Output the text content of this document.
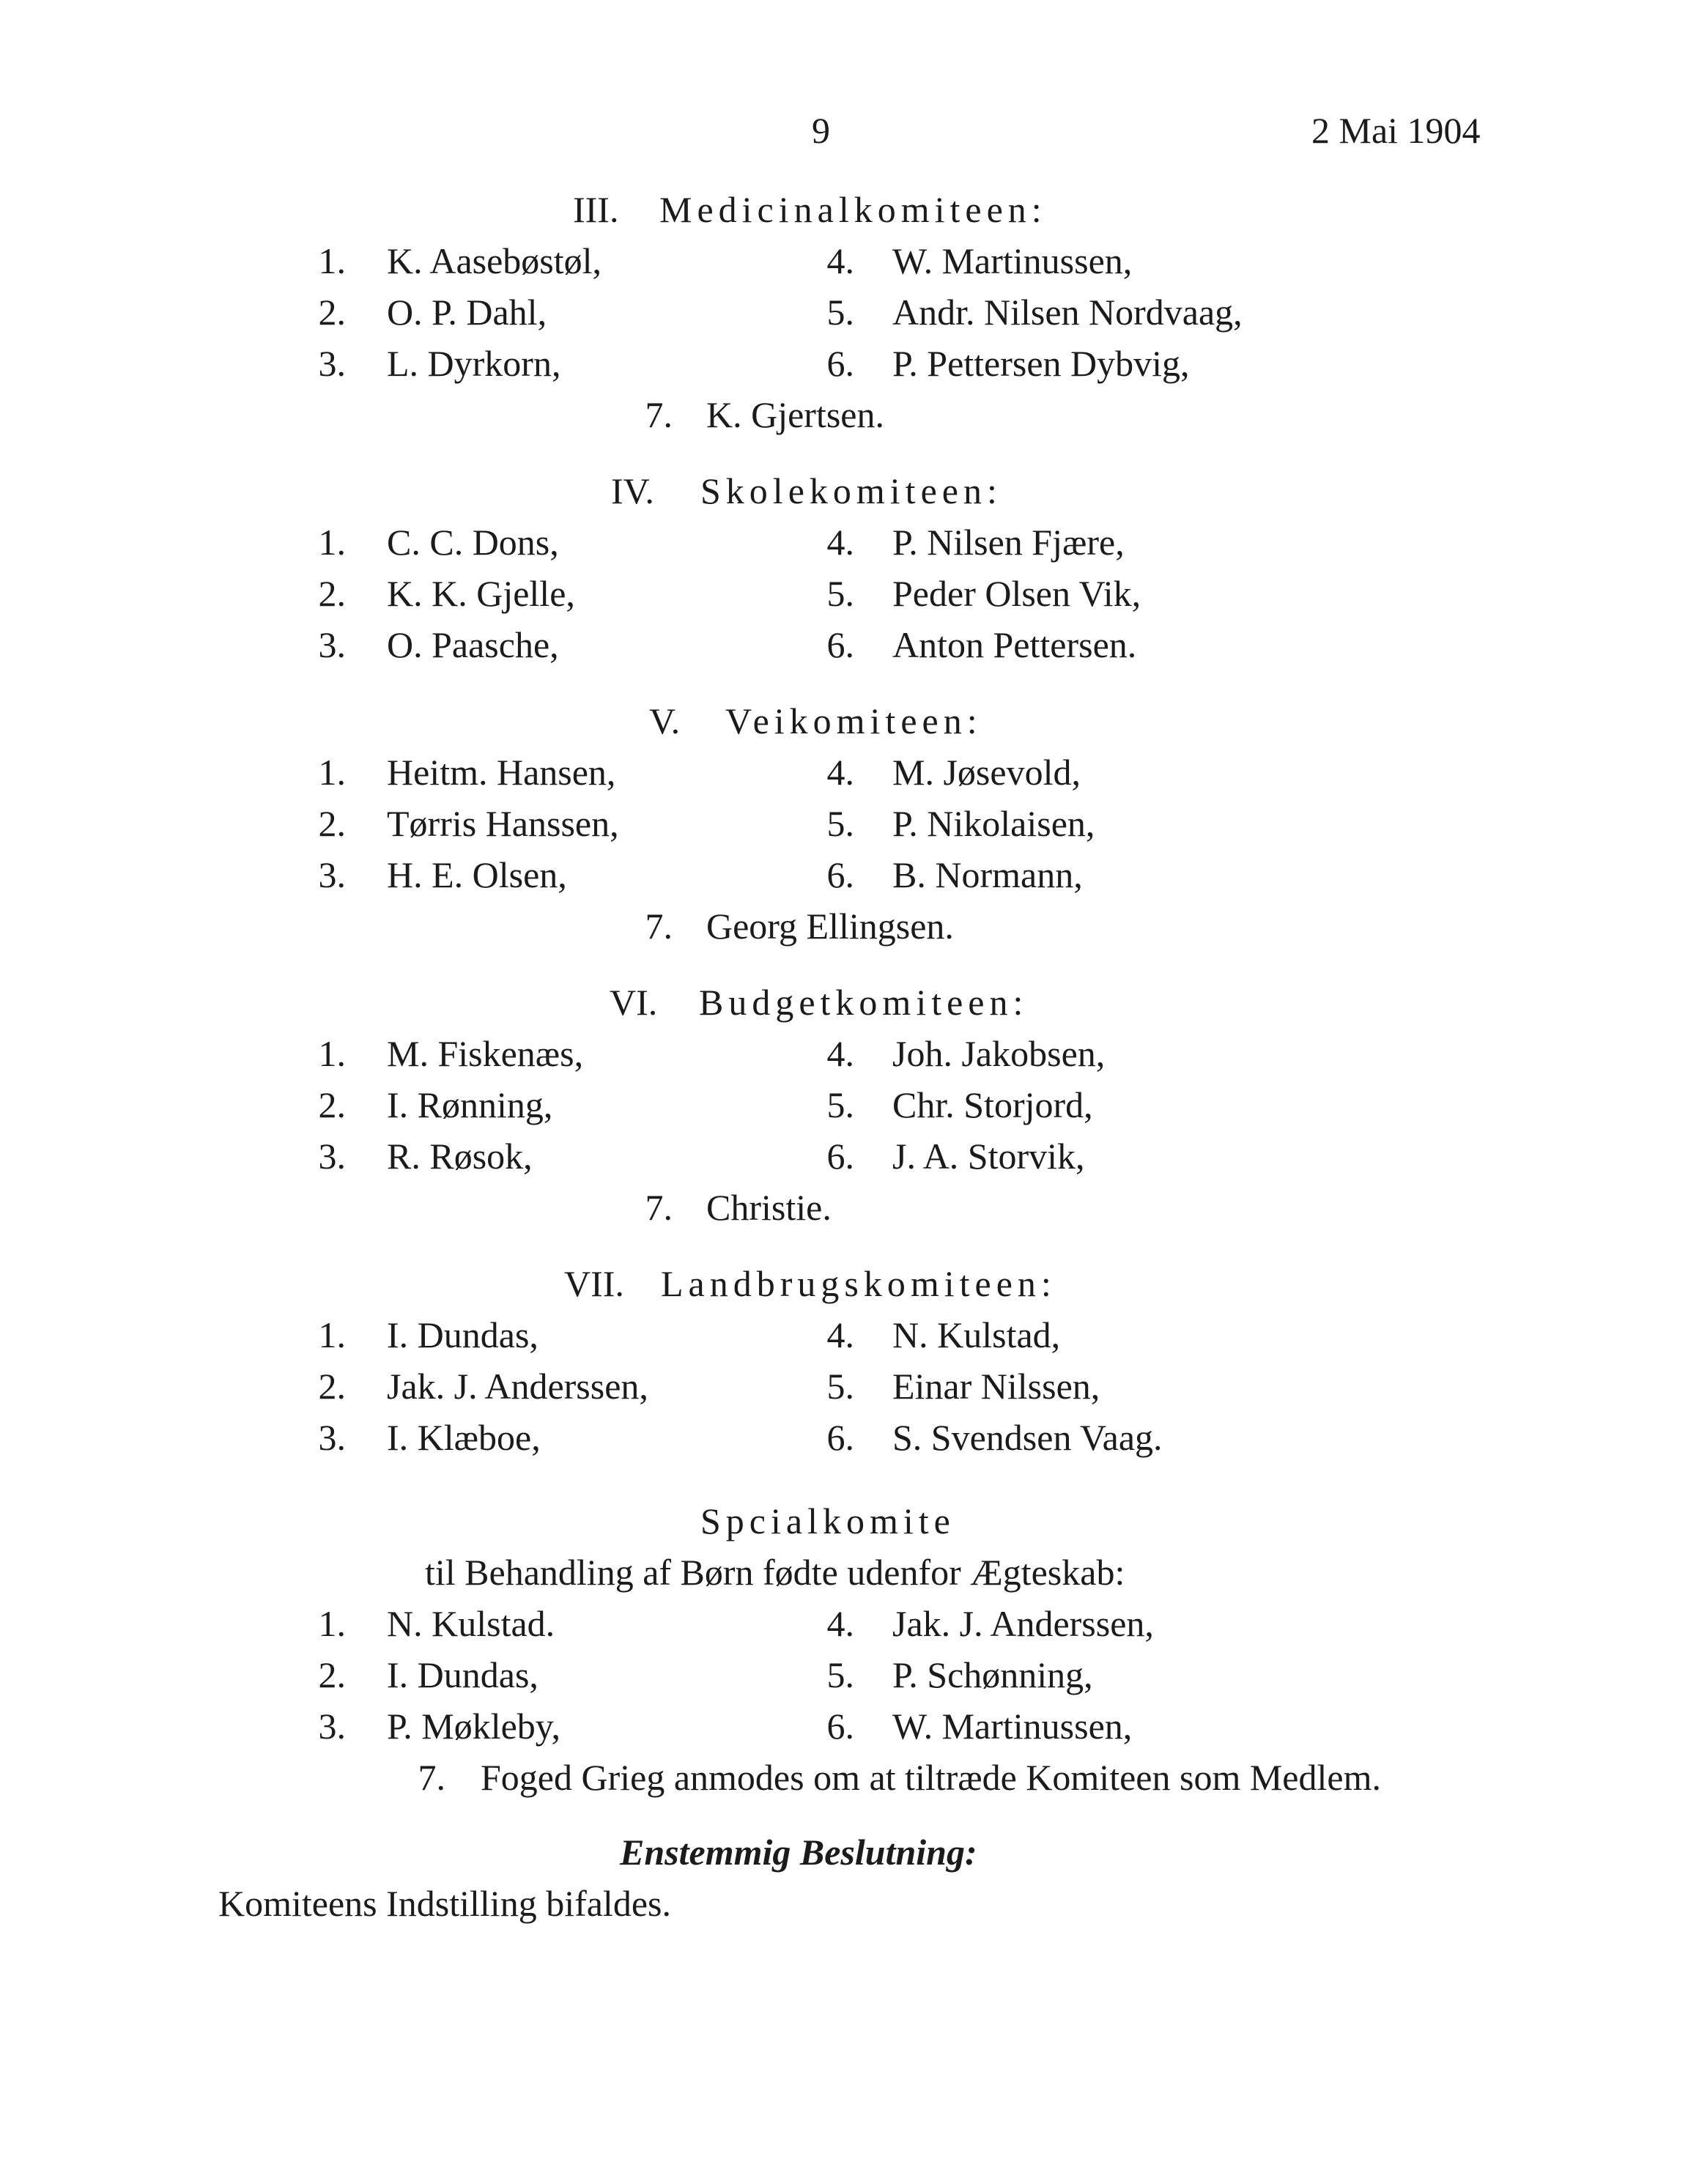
9	2 Mai 1904
III. Medicinalkomiteen:
1. K. Aasebøstøl,	4. W. Martinussen,
2. O. P. Dahl,	5. Andr. Nilsen Nordvaag,
3. L. Dyrkorn,	6. P. Pettersen Dybvig,
7. K. Gjertsen.
IV. Skolekomiteen:
1. C. C. Dons,	4. P. Nilsen Fjære,
2. K. K. Gjelle,	5. Peder Olsen Vik,
3. O. Paasche,	6. Anton Pettersen.
V. Veikomiteen:
1. Heitm. Hansen,	4. M. Jøsevold,
2. Tørris Hanssen,	5. P. Nikolaisen,
3. H. E. Olsen,	6. B. Normann,
7. Georg Ellingsen.
VI. Budgetkomiteen:
1. M. Fiskenæs,	4. Joh. Jakobsen,
2. I. Rønning,	5. Chr. Storjord,
3. R. Røsok,	6. J. A. Storvik,
7. Christie.
VII. Landbrugskomiteen:
1. I. Dundas,	4. N. Kulstad,
2. Jak. J. Anderssen,	5. Einar Nilssen,
3. I. Klæboe,	6. S. Svendsen Vaag.
Spcialkomite
til Behandling af Børn fødte udenfor Ægteskab:
1. N. Kulstad.	4. Jak. J. Anderssen,
2. I. Dundas,	5. P. Schønning,
3. P. Møkleby,	6. W. Martinussen,
7. Foged Grieg anmodes om at tiltræde Komiteen som Medlem.
Enstemmig Beslutning:
Komiteens Indstilling bifaldes.
